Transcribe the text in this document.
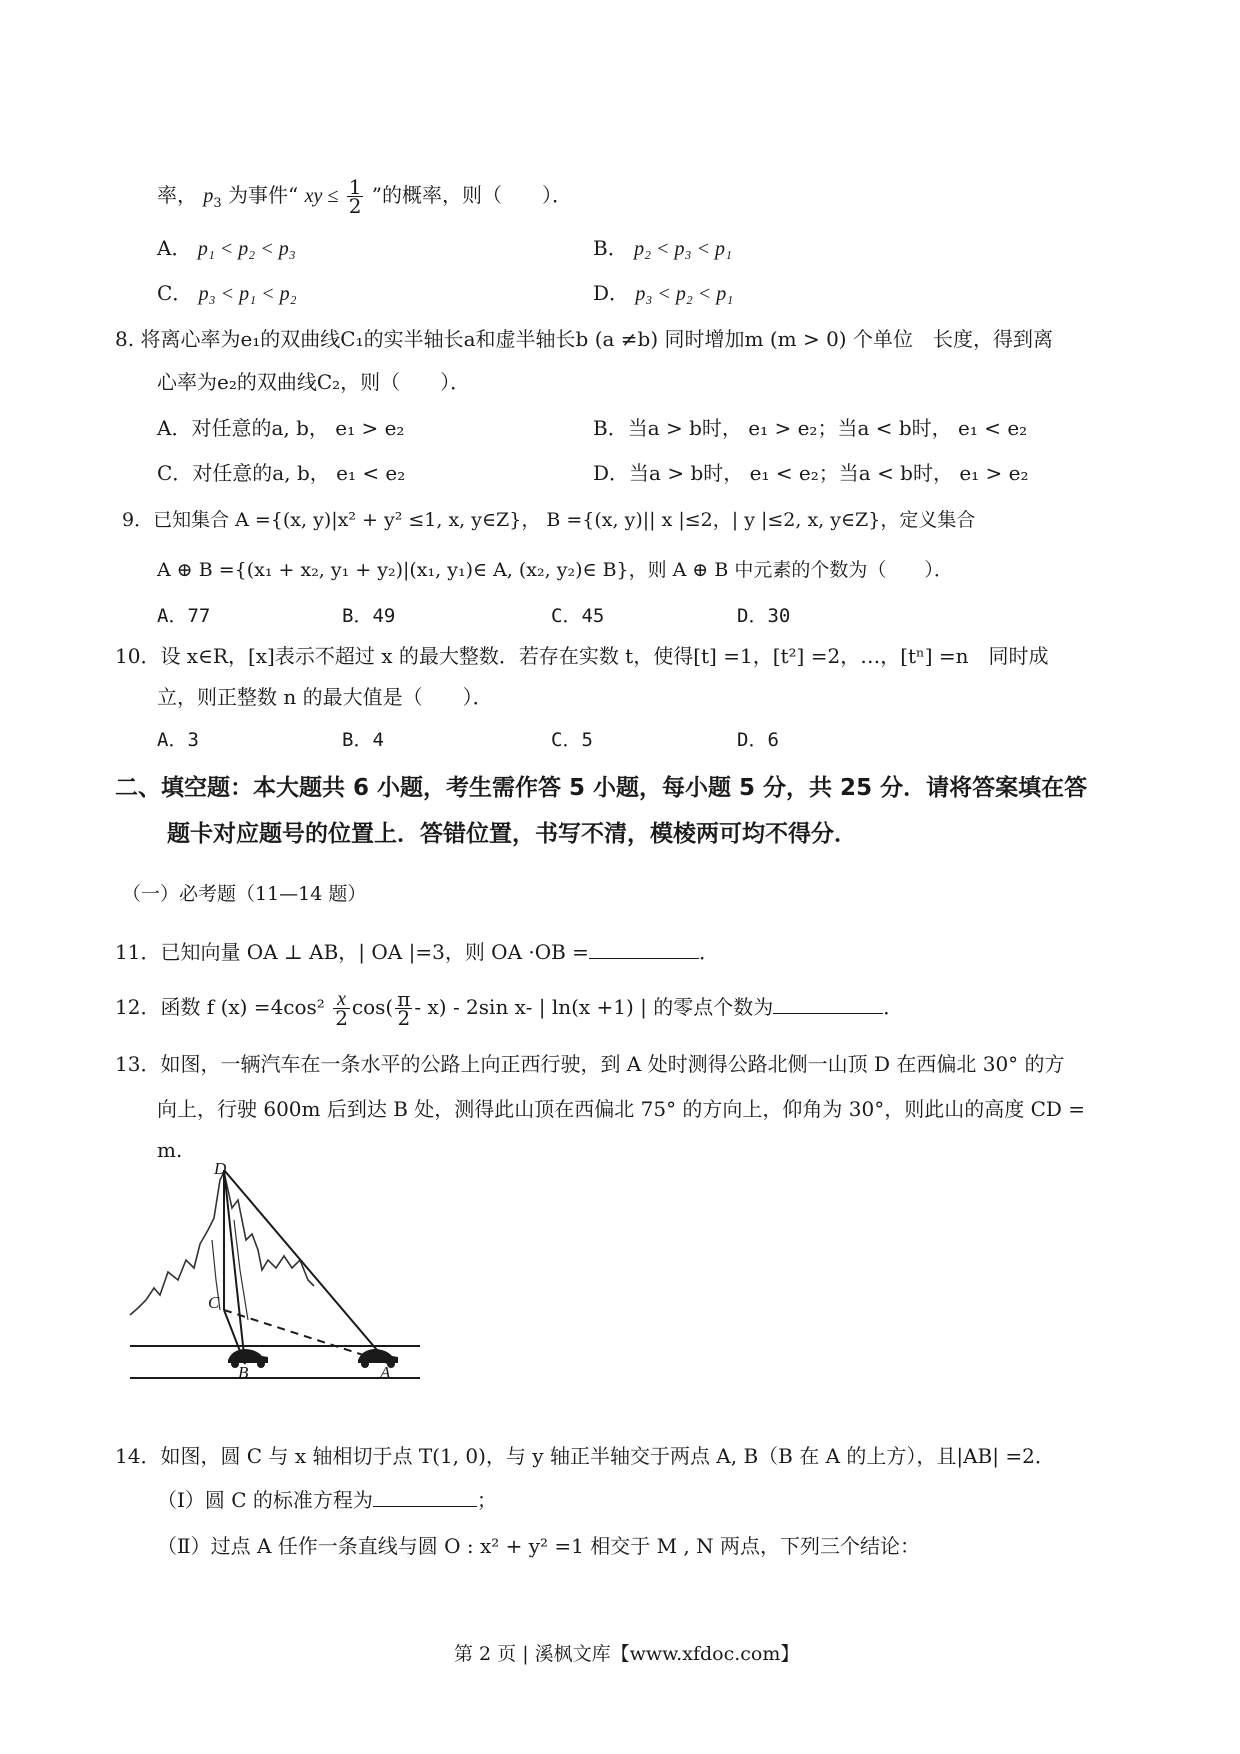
率， $p_3$ 为事件“ xy ≤ $\frac{1}{2}$ ”的概率，则（　　）．
A． p₁ < p₂ < p₃	B． p₂ < p₃ < p₁
C． p₃ < p₁ < p₂	D． p₃ < p₂ < p₁
8. 将离心率为e₁的双曲线C₁的实半轴长a和虚半轴长b (a ≠b) 同时增加m (m > 0) 个单位　长度，得到离
心率为e₂的双曲线C₂，则（　　）．
A．对任意的a, b， e₁ > e₂	B．当a > b时， e₁ > e₂；当a < b时， e₁ < e₂
C．对任意的a, b， e₁ < e₂	D．当a > b时， e₁ < e₂；当a < b时， e₁ > e₂
9．已知集合 A ={(x, y)|x² + y² ≤1, x, y∈Z}， B ={(x, y)|| x |≤2，| y |≤2, x, y∈Z}，定义集合
A ⊕ B ={(x₁ + x₂, y₁ + y₂)|(x₁, y₁)∈ A, (x₂, y₂)∈ B}，则 A ⊕ B 中元素的个数为（　　）．
A．77	B．49	C．45	D．30
10．设 x∈R，[x]表示不超过 x 的最大整数．若存在实数 t，使得[t] =1，[t²] =2，…，[tⁿ] =n　同时成
立，则正整数 n 的最大值是（　　）．
A．3	B．4	C．5	D．6
二、填空题：本大题共 6 小题，考生需作答 5 小题，每小题 5 分，共 25 分．请将答案填在答
题卡对应题号的位置上．答错位置，书写不清，模棱两可均不得分．
（一）必考题（11—14 题）
11．已知向量 OA ⊥ AB，| OA |=3，则 OA ·OB =	．
12．函数 f $(x) =4\cos^2 \frac{x}{2} \cos( \frac{\pi}{2} - x) - 2\sin$ x- | ln(x +1) | 的零点个数为	．
13．如图，一辆汽车在一条水平的公路上向正西行驶，到 A 处时测得公路北侧一山顶 D 在西偏北 30° 的方
向上，行驶 600m 后到达 B 处，测得此山顶在西偏北 75° 的方向上，仰角为 30°，则此山的高度 CD =
m.
D
C
B	A
14．如图，圆 C 与 x 轴相切于点 T(1, 0)，与 y 轴正半轴交于两点 A, B（B 在 A 的上方），且|AB| =2．
（Ⅰ）圆 C 的标准方程为	；
（Ⅱ）过点 A 任作一条直线与圆 O : x² + y² =1 相交于 M , N 两点，下列三个结论：
第 2 页 | 溪枫文库【www.xfdoc.com】
